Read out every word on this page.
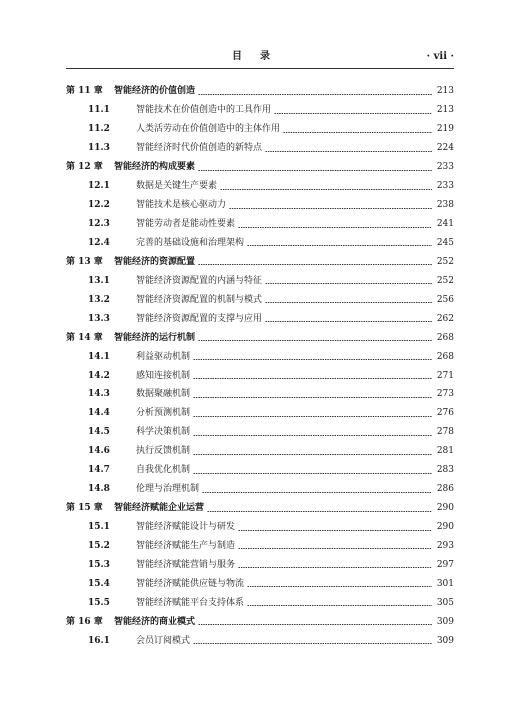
目录	· vii ·
第 11 章	智能经济的价值创造	213
11.1	智能技术在价值创造中的工具作用	213
11.2	人类活劳动在价值创造中的主体作用	219
11.3	智能经济时代价值创造的新特点	224
第 12 章	智能经济的构成要素	233
12.1	数据是关键生产要素	233
12.2	智能技术是核心驱动力	238
12.3	智能劳动者是能动性要素	241
12.4	完善的基础设施和治理架构	245
第 13 章	智能经济的资源配置	252
13.1	智能经济资源配置的内涵与特征	252
13.2	智能经济资源配置的机制与模式	256
13.3	智能经济资源配置的支撑与应用	262
第 14 章	智能经济的运行机制	268
14.1	利益驱动机制	268
14.2	感知连接机制	271
14.3	数据聚融机制	273
14.4	分析预测机制	276
14.5	科学决策机制	278
14.6	执行反馈机制	281
14.7	自我优化机制	283
14.8	伦理与治理机制	286
第 15 章	智能经济赋能企业运营	290
15.1	智能经济赋能设计与研发	290
15.2	智能经济赋能生产与制造	293
15.3	智能经济赋能营销与服务	297
15.4	智能经济赋能供应链与物流	301
15.5	智能经济赋能平台支持体系	305
第 16 章	智能经济的商业模式	309
16.1	会员订阅模式	309
